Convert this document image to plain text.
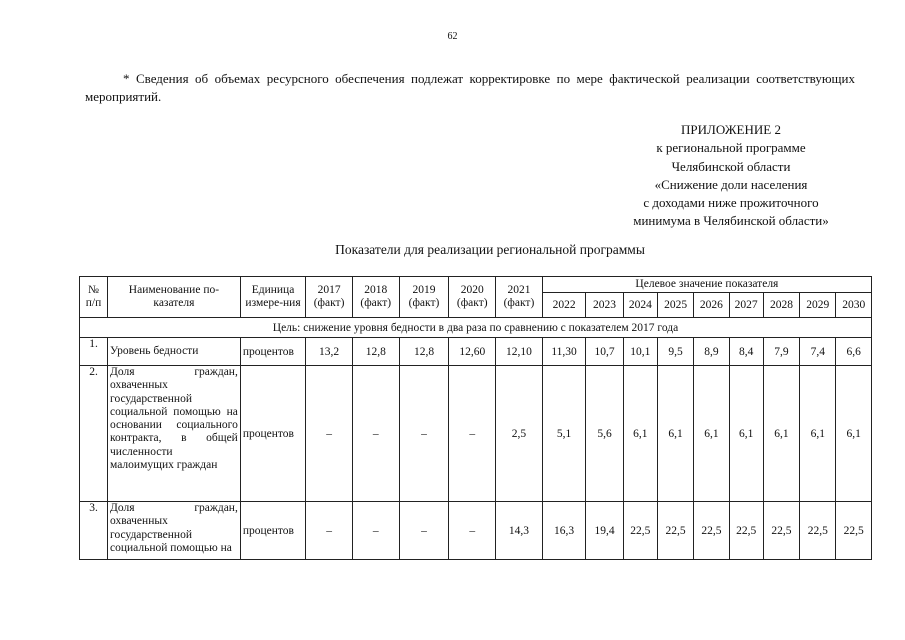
62
* Сведения об объемах ресурсного обеспечения подлежат корректировке по мере фактической реализации соответствующих мероприятий.
ПРИЛОЖЕНИЕ 2
к региональной программе
Челябинской области
«Снижение доли населения
с доходами ниже прожиточного
минимума в Челябинской области»
Показатели для реализации региональной программы
№ п/п	Наименование по-казателя	Единица измере-ния	2017 (факт)	2018 (факт)	2019 (факт)	2020 (факт)	2021 (факт)	Целевое значение показателя								
								2022	2023	2024	2025	2026	2027	2028	2029	2030
Цель: снижение уровня бедности в два раза по сравнению с показателем 2017 года																
1.	Уровень бедности	процентов	13,2	12,8	12,8	12,60	12,10	11,30	10,7	10,1	9,5	8,9	8,4	7,9	7,4	6,6
2.	Доля граждан, охваченных государственной социальной помощью на основании социального контракта, в общей численности малоимущих граждан	процентов	–	–	–	–	2,5	5,1	5,6	6,1	6,1	6,1	6,1	6,1	6,1	6,1
3.	Доля граждан, охваченных государственной социальной помощью на	процентов	–	–	–	–	14,3	16,3	19,4	22,5	22,5	22,5	22,5	22,5	22,5	22,5
